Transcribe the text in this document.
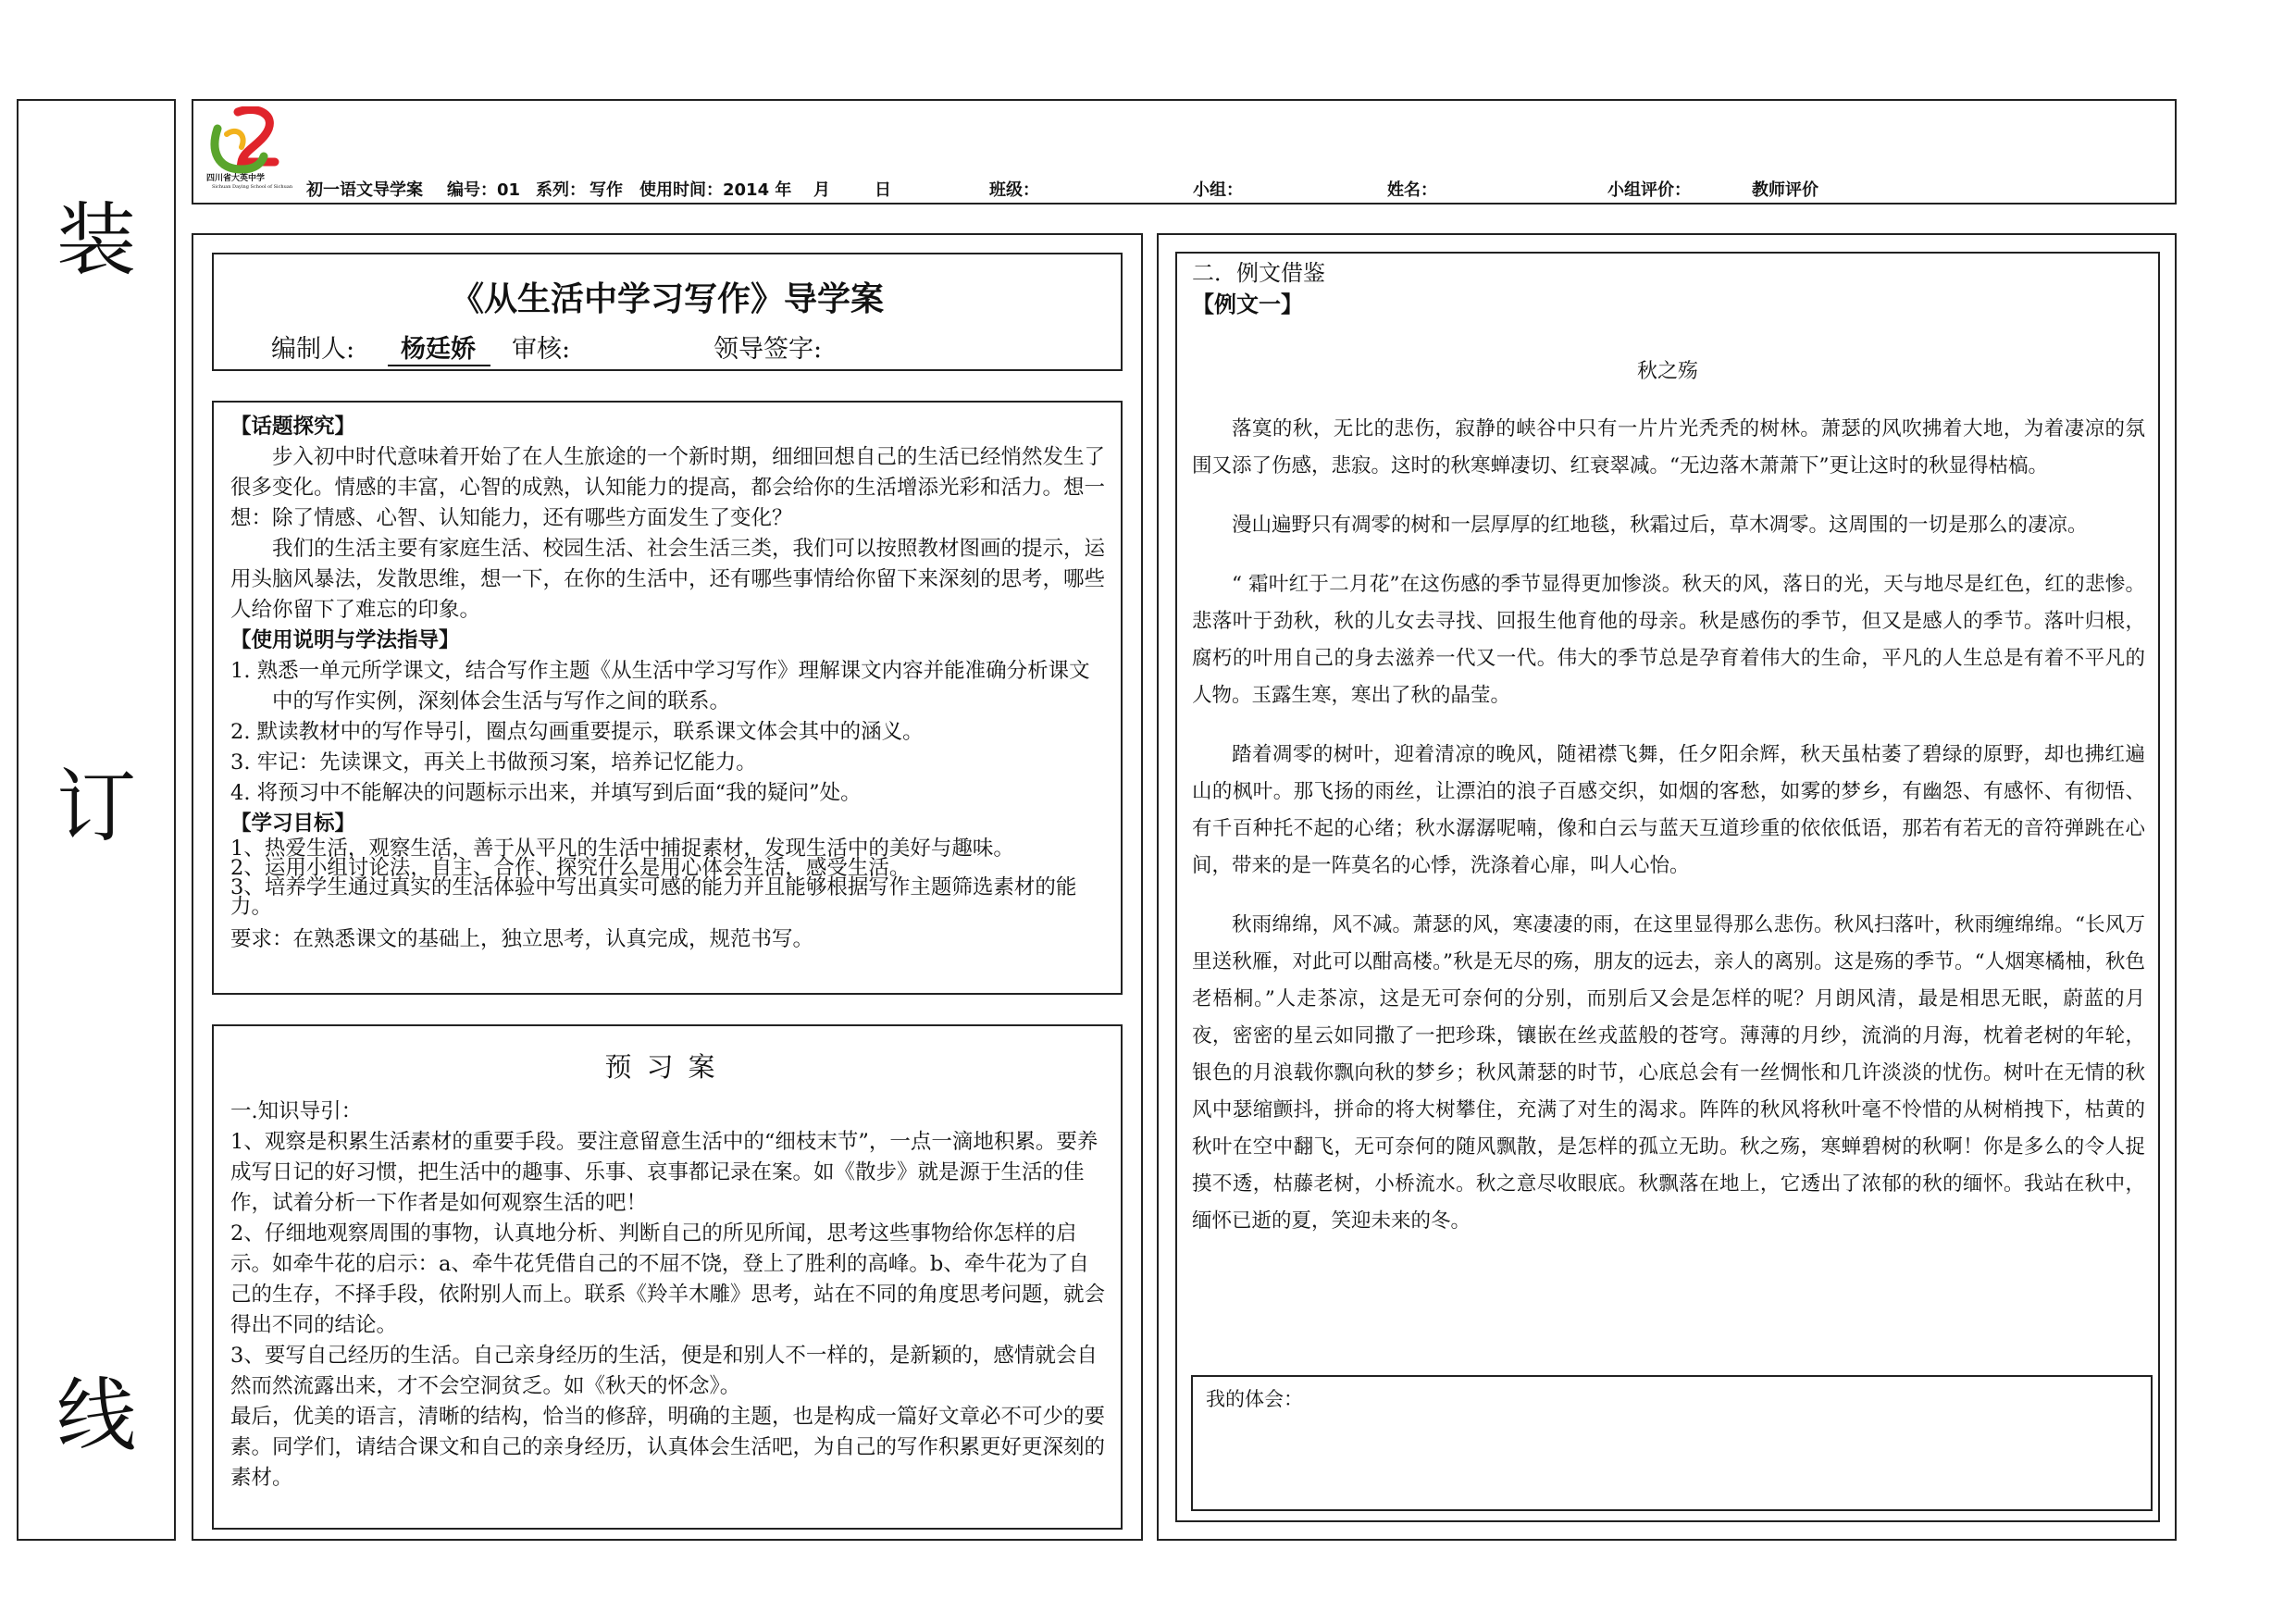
装
订
线
四川省大英中学
Sichuan Daying School of Sichuan 初一语文导学案 编号：01 系列： 写作 使用时间：2014 年 月	日	班级：	小组：	姓名：	小组评价：	教师评价
《从生活中学习写作》导学案
编制人:	杨廷娇	审核:	领导签字:

【话题探究】

步入初中时代意味着开始了在人生旅途的一个新时期，细细回想自己的生活已经悄然发生了很多变化。情感的丰富，心智的成熟，认知能力的提高，都会给你的生活增添光彩和活力。想一想：除了情感、心智、认知能力，还有哪些方面发生了变化？

我们的生活主要有家庭生活、校园生活、社会生活三类，我们可以按照教材图画的提示，运用头脑风暴法，发散思维，想一下，在你的生活中，还有哪些事情给你留下来深刻的思考，哪些人给你留下了难忘的印象。

【使用说明与学法指导】

1. 熟悉一单元所学课文，结合写作主题《从生活中学习写作》理解课文内容并能准确分析课文中的写作实例，深刻体会生活与写作之间的联系。

2. 默读教材中的写作导引，圈点勾画重要提示，联系课文体会其中的涵义。

3. 牢记：先读课文，再关上书做预习案，培养记忆能力。

4. 将预习中不能解决的问题标示出来，并填写到后面“我的疑问”处。

【学习目标】

1、热爱生活，观察生活，善于从平凡的生活中捕捉素材，发现生活中的美好与趣味。

2、运用小组讨论法，自主、合作、探究什么是用心体会生活，感受生活。

3、培养学生通过真实的生活体验中写出真实可感的能力并且能够根据写作主题筛选素材的能力。

要求：在熟悉课文的基础上，独立思考，认真完成，规范书写。

预习案

一.知识导引：

1、观察是积累生活素材的重要手段。要注意留意生活中的“细枝末节”，一点一滴地积累。要养成写日记的好习惯，把生活中的趣事、乐事、哀事都记录在案。如《散步》就是源于生活的佳作，试着分析一下作者是如何观察生活的吧！

2、仔细地观察周围的事物，认真地分析、判断自己的所见所闻，思考这些事物给你怎样的启示。如牵牛花的启示：a、牵牛花凭借自己的不屈不饶，登上了胜利的高峰。b、牵牛花为了自己的生存，不择手段，依附别人而上。联系《羚羊木雕》思考，站在不同的角度思考问题，就会得出不同的结论。

3、要写自己经历的生活。自己亲身经历的生活，便是和别人不一样的，是新颖的，感情就会自然而然流露出来，才不会空洞贫乏。如《秋天的怀念》。

最后，优美的语言，清晰的结构，恰当的修辞，明确的主题，也是构成一篇好文章必不可少的要素。同学们，请结合课文和自己的亲身经历，认真体会生活吧，为自己的写作积累更好更深刻的素材。

二．例文借鉴
【例文一】
秋之殇

落寞的秋，无比的悲伤，寂静的峡谷中只有一片片光秃秃的树林。萧瑟的风吹拂着大地，为着凄凉的氛围又添了伤感，悲寂。这时的秋寒蝉凄切、红衰翠减。“无边落木萧萧下”更让这时的秋显得枯槁。

漫山遍野只有凋零的树和一层厚厚的红地毯，秋霜过后，草木凋零。这周围的一切是那么的凄凉。

“ 霜叶红于二月花”在这伤感的季节显得更加惨淡。秋天的风，落日的光，天与地尽是红色，红的悲惨。悲落叶于劲秋，秋的儿女去寻找、回报生他育他的母亲。秋是感伤的季节，但又是感人的季节。落叶归根，腐朽的叶用自己的身去滋养一代又一代。伟大的季节总是孕育着伟大的生命，平凡的人生总是有着不平凡的人物。玉露生寒，寒出了秋的晶莹。

踏着凋零的树叶，迎着清凉的晚风，随裙襟飞舞，任夕阳余辉，秋天虽枯萎了碧绿的原野，却也拂红遍山的枫叶。那飞扬的雨丝，让漂泊的浪子百感交织，如烟的客愁，如雾的梦乡，有幽怨、有感怀、有彻悟、有千百种托不起的心绪；秋水潺潺呢喃，像和白云与蓝天互道珍重的依依低语，那若有若无的音符弹跳在心间，带来的是一阵莫名的心悸，洗涤着心扉，叫人心怡。

秋雨绵绵，风不减。萧瑟的风，寒凄凄的雨，在这里显得那么悲伤。秋风扫落叶，秋雨缠绵绵。“长风万里送秋雁，对此可以酣高楼。”秋是无尽的殇，朋友的远去，亲人的离别。这是殇的季节。“人烟寒橘柚，秋色老梧桐。”人走茶凉，这是无可奈何的分别，而别后又会是怎样的呢？月朗风清，最是相思无眠，蔚蓝的月夜，密密的星云如同撒了一把珍珠，镶嵌在丝戎蓝般的苍穹。薄薄的月纱，流淌的月海，枕着老树的年轮，银色的月浪载你飘向秋的梦乡；秋风萧瑟的时节，心底总会有一丝惆怅和几许淡淡的忧伤。树叶在无情的秋风中瑟缩颤抖，拼命的将大树攀住，充满了对生的渴求。阵阵的秋风将秋叶毫不怜惜的从树梢拽下，枯黄的秋叶在空中翻飞，无可奈何的随风飘散，是怎样的孤立无助。秋之殇，寒蝉碧树的秋啊！你是多么的令人捉摸不透，枯藤老树，小桥流水。秋之意尽收眼底。秋飘落在地上，它透出了浓郁的秋的缅怀。我站在秋中，缅怀已逝的夏，笑迎未来的冬。

我的体会：
